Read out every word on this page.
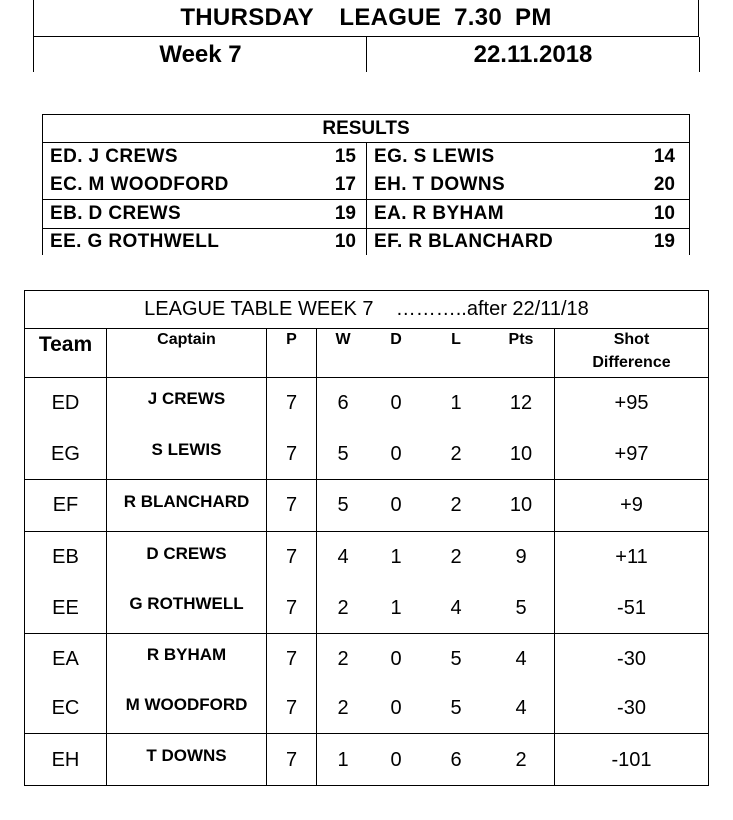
THURSDAY  LEAGUE 7.30 PM
Week 7	22.11.2018
RESULTS
ED. J CREWS	15 EG. S LEWIS	14
EC. M WOODFORD	17 EH. T DOWNS	20
EB. D CREWS	19 EA. R BYHAM	10
EE. G ROTHWELL	10 EF. R BLANCHARD	19
LEAGUE TABLE WEEK 7    ………..after 22/11/18
Team	Captain	P	W	D	L	Pts	Shot
Difference
ED	J CREWS	7	6	0	1	12	+95
EG	S LEWIS	7	5	0	2	10	+97
EF	R BLANCHARD	7	5	0	2	10	+9
EB	D CREWS	7	4	1	2	9	+11
EE	G ROTHWELL	7	2	1	4	5	-51
EA	R BYHAM	7	2	0	5	4	-30
EC	M WOODFORD	7	2	0	5	4	-30
EH	T DOWNS	7	1	0	6	2	-101
